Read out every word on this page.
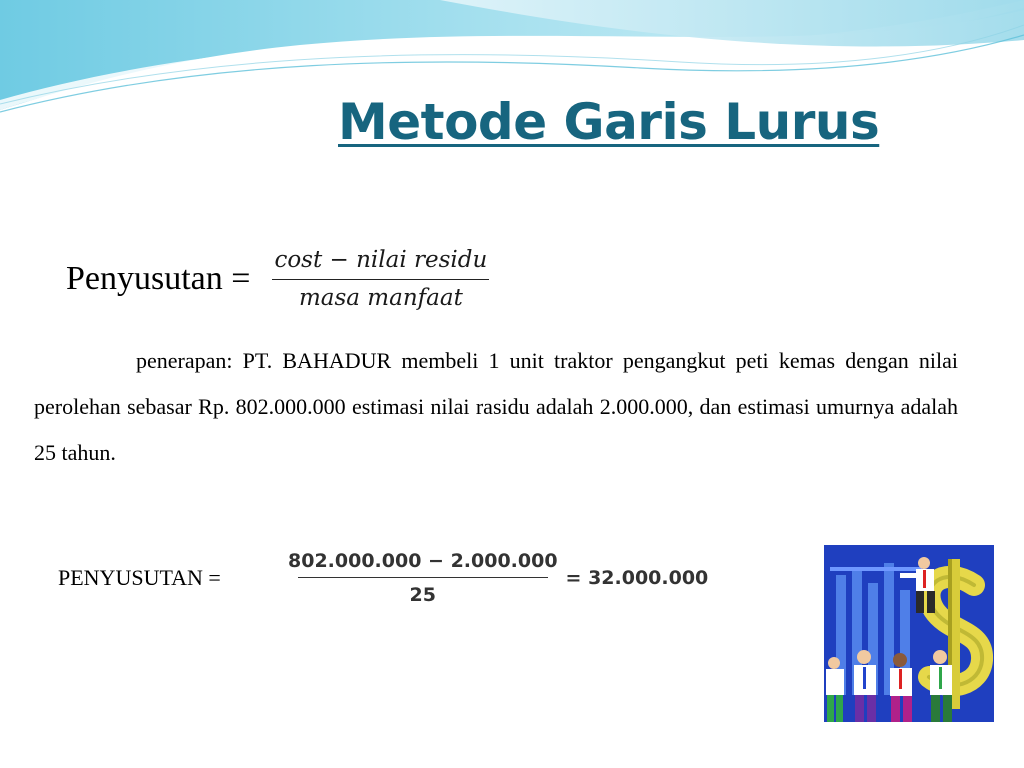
Metode Garis Lurus
Penyusutan = $\frac{\text{cost − nilai residu}}{\text{masa manfaat}}$

penerapan: PT. BAHADUR membeli 1 unit traktor pengangkut peti kemas dengan nilai perolehan sebasar Rp. 802.000.000 estimasi nilai rasidu adalah 2.000.000, dan estimasi umurnya adalah 25 tahun.

PENYUSUTAN =	$\frac{802.000.000 - 2.000.000}{25} = 32.000.000$
